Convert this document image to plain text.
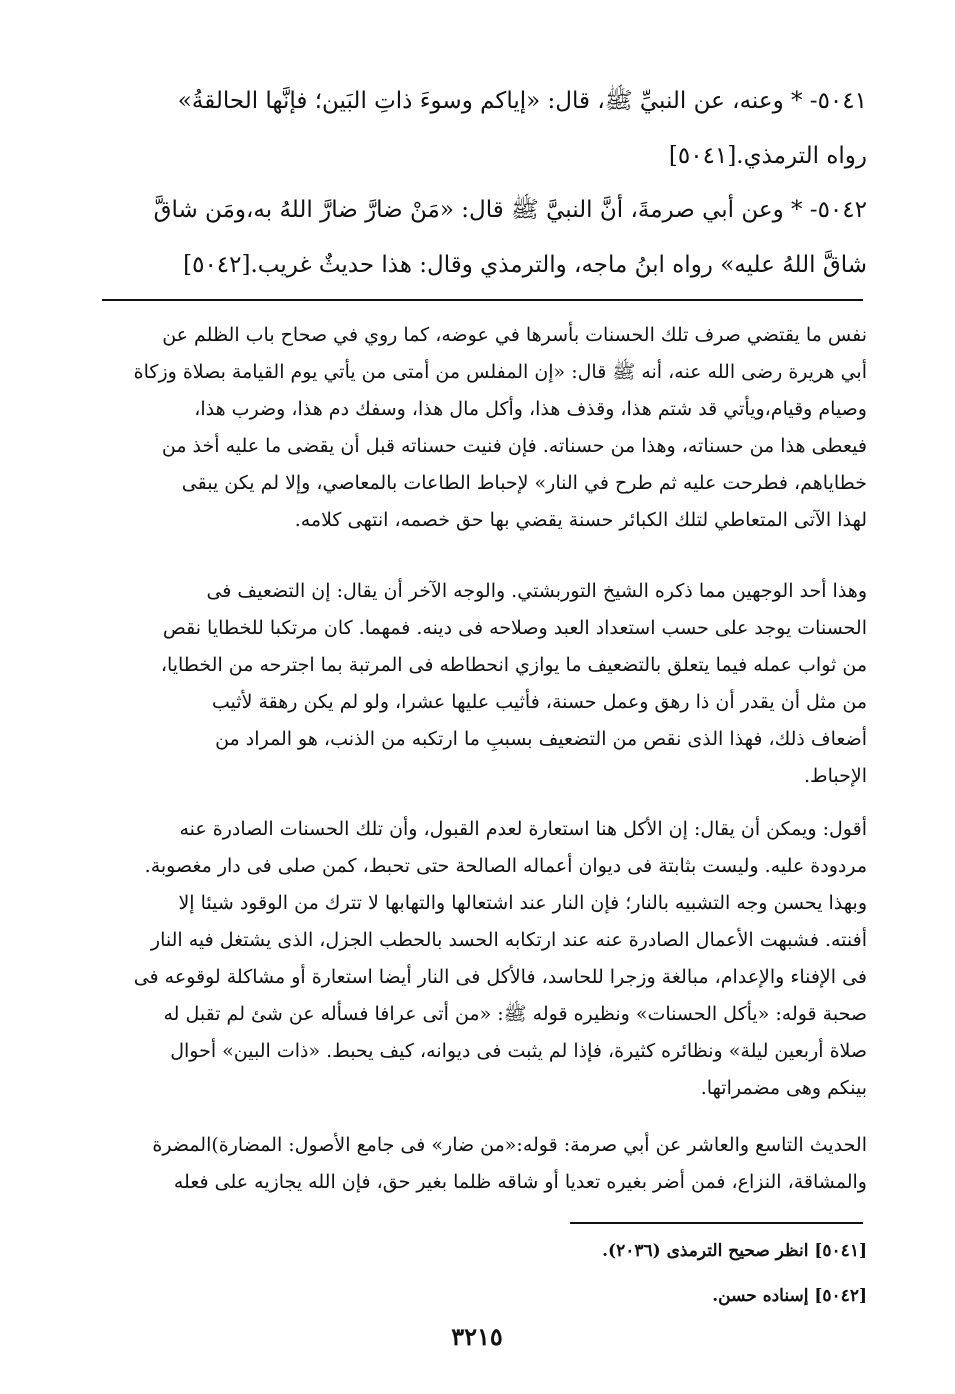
٥٠٤١- * وعنه، عن النبيِّ ﷺ، قال: «إياكم وسوءَ ذاتِ البَين؛ فإنَّها الحالقةُ»
رواه الترمذي.[٥٠٤١]
٥٠٤٢- * وعن أبي صرمةَ، أنَّ النبيَّ ﷺ قال: «مَنْ ضارَّ ضارَّ اللهُ به،ومَن شاقَّ
شاقَّ اللهُ عليه» رواه ابنُ ماجه، والترمذي وقال: هذا حديثٌ غريب.[٥٠٤٢]
نفس ما يقتضي صرف تلك الحسنات بأسرها في عوضه، كما روي في صحاح باب الظلم عن
أبي هريرة رضى الله عنه، أنه ﷺ قال: «إن المفلس من أمتى من يأتي يوم القيامة بصلاة وزكاة
وصيام وقيام،ويأتي قد شتم هذا، وقذف هذا، وأكل مال هذا، وسفك دم هذا، وضرب هذا،
فيعطى هذا من حسناته، وهذا من حسناته. فإن فنيت حسناته قبل أن يقضى ما عليه أخذ من
خطاياهم، فطرحت عليه ثم طرح في النار» لإحباط الطاعات بالمعاصي، وإلا لم يكن يبقى
لهذا الآتى المتعاطي لتلك الكبائر حسنة يقضي بها حق خصمه، انتهى كلامه.
وهذا أحد الوجهين مما ذكره الشيخ التوربشتي. والوجه الآخر أن يقال: إن التضعيف فى
الحسنات يوجد على حسب استعداد العبد وصلاحه فى دينه. فمهما. كان مرتكبا للخطايا نقص
من ثواب عمله فيما يتعلق بالتضعيف ما يوازي انحطاطه فى المرتبة بما اجترحه من الخطايا،
من مثل أن يقدر أن ذا رهق وعمل حسنة، فأثيب عليها عشرا، ولو لم يكن رهقة لأثيب
أضعاف ذلك، فهذا الذى نقص من التضعيف بسببِ ما ارتكبه من الذنب، هو المراد من
الإحباط.
أقول: ويمكن أن يقال: إن الأكل هنا استعارة لعدم القبول، وأن تلك الحسنات الصادرة عنه
مردودة عليه. وليست بثابتة فى ديوان أعماله الصالحة حتى تحبط، كمن صلى فى دار مغصوبة.
وبهذا يحسن وجه التشبيه بالنار؛ فإن النار عند اشتعالها والتهابها لا تترك من الوقود شيئا إلا
أفنته. فشبهت الأعمال الصادرة عنه عند ارتكابه الحسد بالحطب الجزل، الذى يشتغل فيه النار
فى الإفناء والإعدام، مبالغة وزجرا للحاسد، فالأكل فى النار أيضا استعارة أو مشاكلة لوقوعه فى
صحبة قوله: «يأكل الحسنات» ونظيره قوله ﷺ: «من أتى عرافا فسأله عن شئ لم تقبل له
صلاة أربعين ليلة» ونظائره كثيرة، فإذا لم يثبت فى ديوانه، كيف يحبط. «ذات البين» أحوال
بينكم وهى مضمراتها.
الحديث التاسع والعاشر عن أبي صرمة: قوله:«من ضار» فى جامع الأصول: المضارة)المضرة
والمشاقة، النزاع، فمن أضر بغيره تعديا أو شاقه ظلما بغير حق، فإن الله يجازيه على فعله
[٥٠٤١] انظر صحيح الترمذى (٢٠٣٦).
[٥٠٤٢] إسناده حسن.
٣٢١٥
